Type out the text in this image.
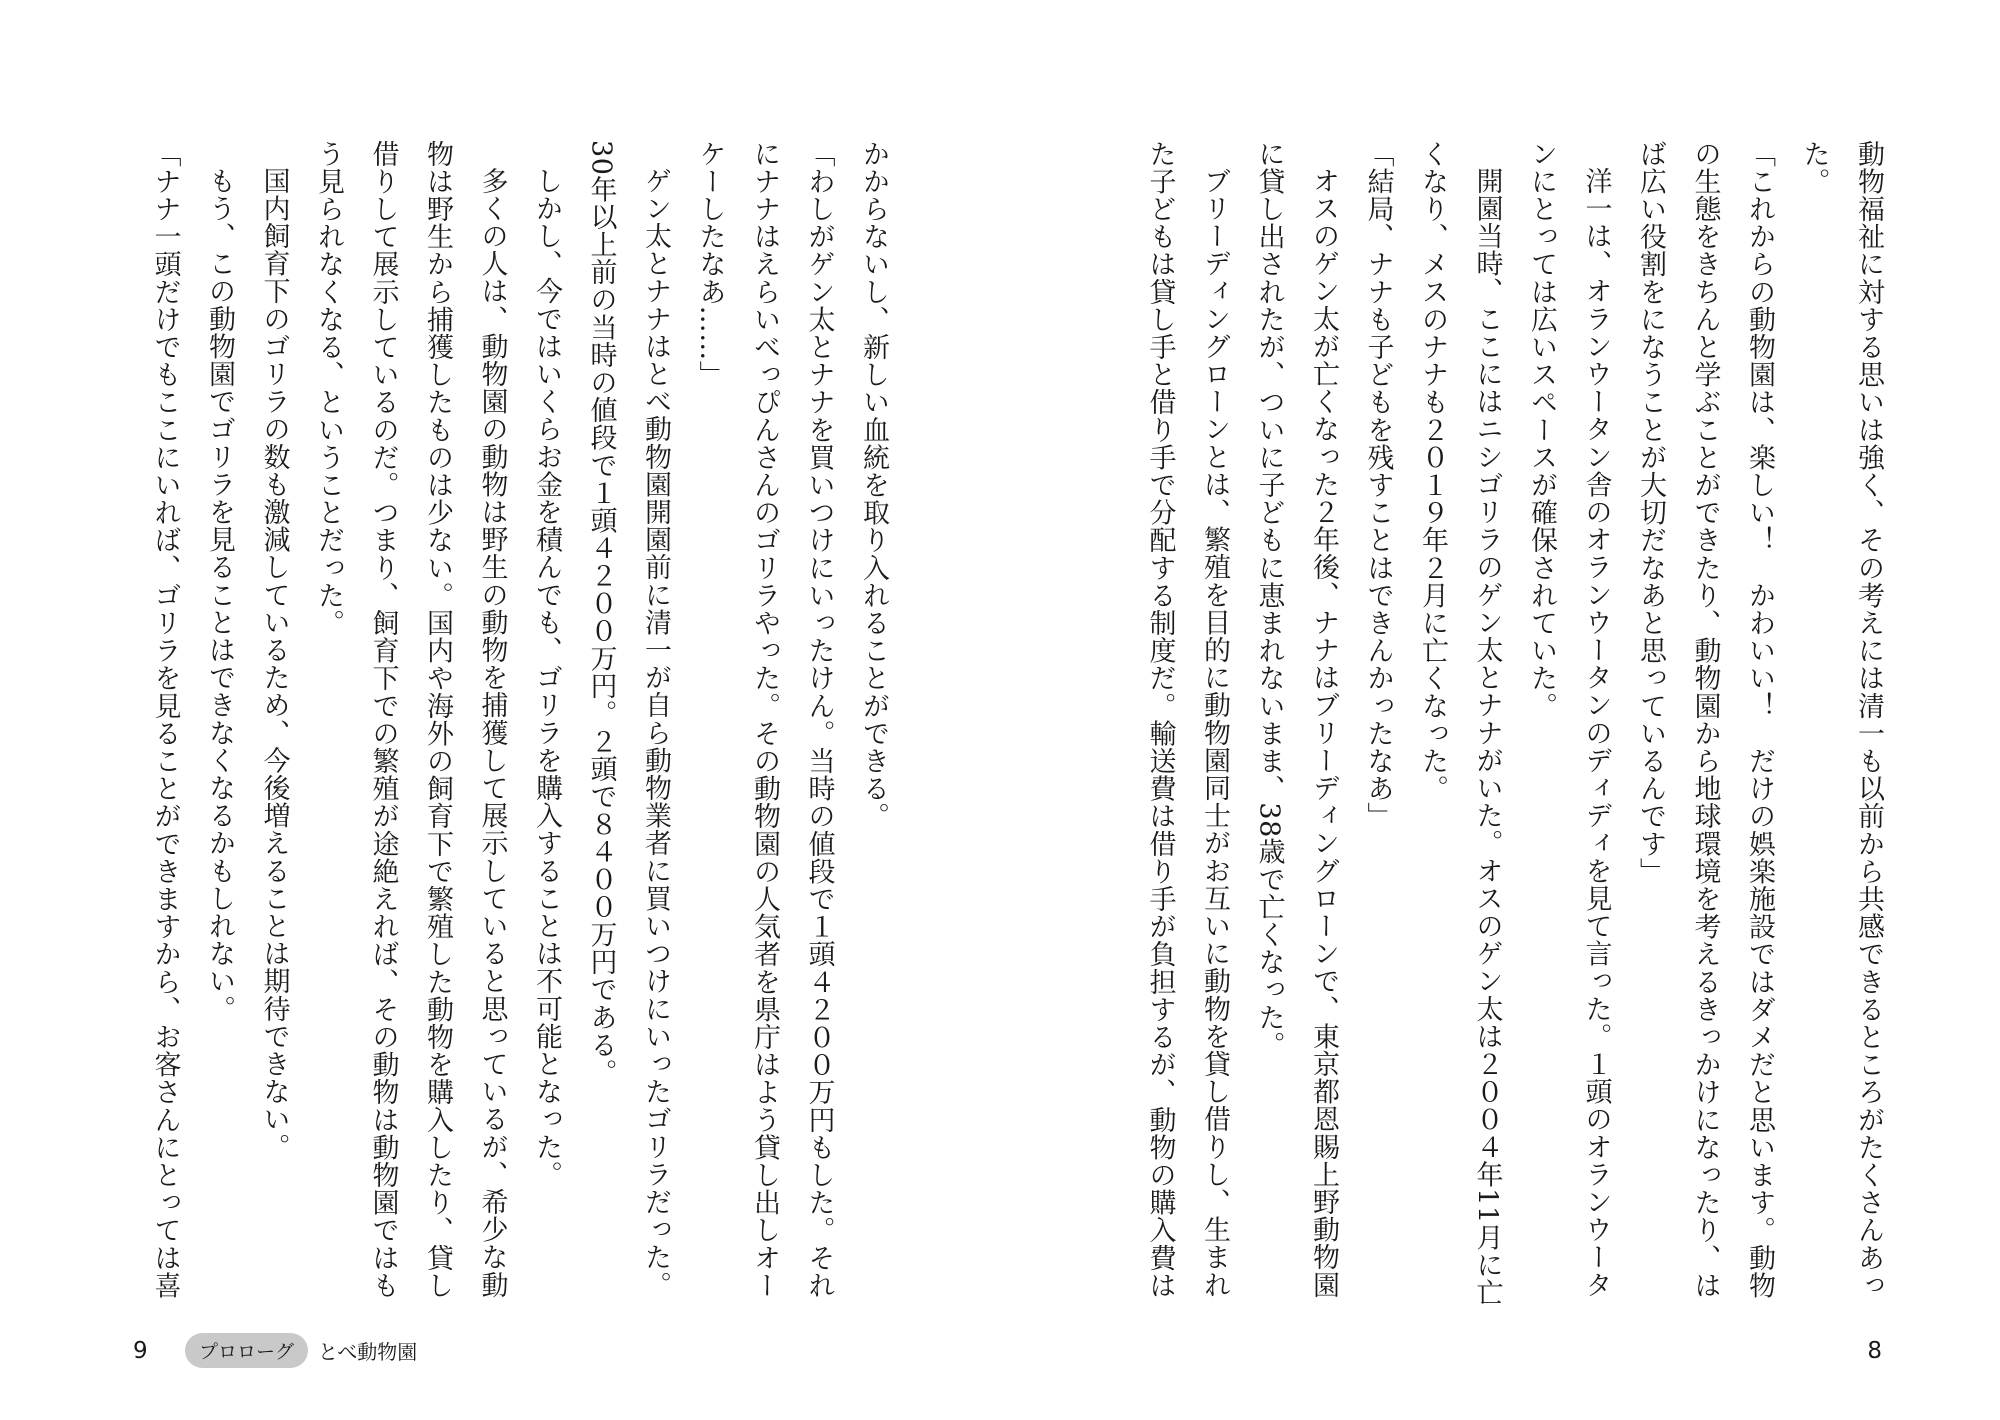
動物福祉に対する思いは強く、その考えには清一も以前から共感できるところがたくさんあった。

「これからの動物園は、楽しい！　かわいい！　だけの娯楽施設ではダメだと思います。動物の生態をきちんと学ぶことができたり、動物園から地球環境を考えるきっかけになったり、はば広い役割をになうことが大切だなあと思っているんです」

洋一は、オランウータン舎のオランウータンのディディを見て言った。１頭のオランウータンにとっては広いスペースが確保されていた。

開園当時、ここにはニシゴリラのゲン太とナナがいた。オスのゲン太は２００４年11月に亡くなり、メスのナナも２０１９年２月に亡くなった。

「結局、ナナも子どもを残すことはできんかったなあ」

オスのゲン太が亡くなった２年後、ナナはブリーディングローンで、東京都恩賜上野動物園に貸し出されたが、ついに子どもに恵まれないまま、38歳で亡くなった。

ブリーディングローンとは、繁殖を目的に動物園同士がお互いに動物を貸し借りし、生まれた子どもは貸し手と借り手で分配する制度だ。輸送費は借り手が負担するが、動物の購入費は

8

かからないし、新しい血統を取り入れることができる。

「わしがゲン太とナナを買いつけにいったけん。当時の値段で１頭４２００万円もした。それにナナはえらいべっぴんさんのゴリラやった。その動物園の人気者を県庁はよう貸し出しオーケーしたなあ……」

ゲン太とナナはとべ動物園開園前に清一が自ら動物業者に買いつけにいったゴリラだった。30年以上前の当時の値段で１頭４２００万円。２頭で８４００万円である。

しかし、今ではいくらお金を積んでも、ゴリラを購入することは不可能となった。

多くの人は、動物園の動物は野生の動物を捕獲して展示していると思っているが、希少な動物は野生から捕獲したものは少ない。国内や海外の飼育下で繁殖した動物を購入したり、貸し借りして展示しているのだ。つまり、飼育下での繁殖が途絶えれば、その動物は動物園ではもう見られなくなる、ということだった。

国内飼育下のゴリラの数も激減しているため、今後増えることは期待できない。

もう、この動物園でゴリラを見ることはできなくなるかもしれない。

「ナナ一頭だけでもここにいれば、ゴリラを見ることができますから、お客さんにとっては喜

9	プロローグ	とべ動物園
